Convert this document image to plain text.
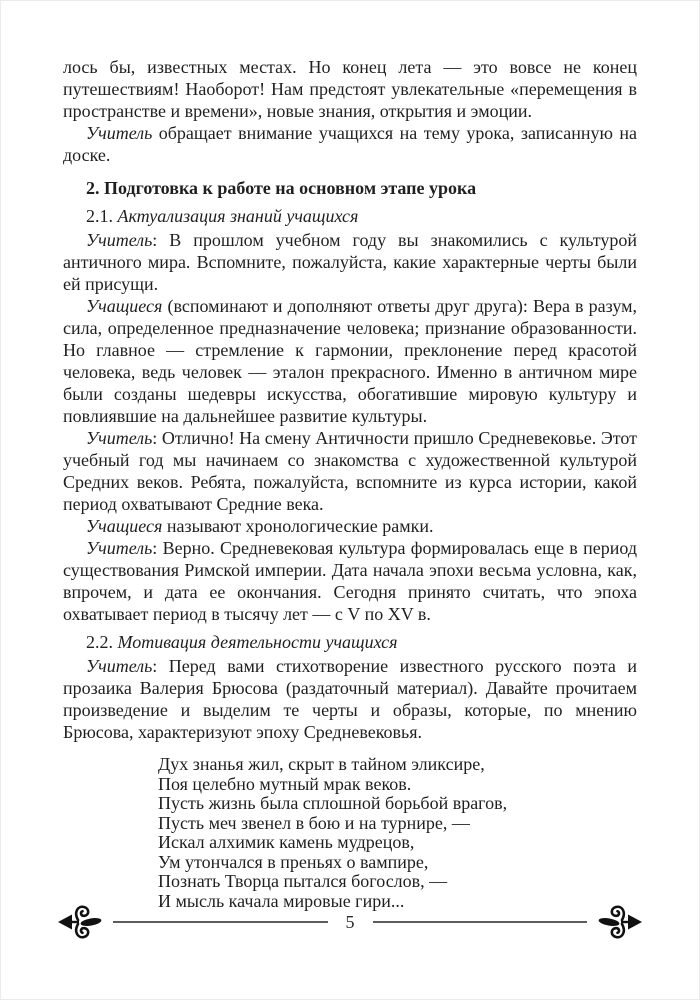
лось бы, известных местах. Но конец лета — это вовсе не конец путешествиям! Наоборот! Нам предстоят увлекательные «перемещения в пространстве и времени», новые знания, открытия и эмоции.

Учитель обращает внимание учащихся на тему урока, записанную на доске.

2. Подготовка к работе на основном этапе урока

2.1. Актуализация знаний учащихся

Учитель: В прошлом учебном году вы знакомились с культурой античного мира. Вспомните, пожалуйста, какие характерные черты были ей присущи.

Учащиеся (вспоминают и дополняют ответы друг друга): Вера в разум, сила, определенное предназначение человека; признание образованности. Но главное — стремление к гармонии, преклонение перед красотой человека, ведь человек — эталон прекрасного. Именно в античном мире были созданы шедевры искусства, обогатившие мировую культуру и повлиявшие на дальнейшее развитие культуры.

Учитель: Отлично! На смену Античности пришло Средневековье. Этот учебный год мы начинаем со знакомства с художественной культурой Средних веков. Ребята, пожалуйста, вспомните из курса истории, какой период охватывают Средние века.

Учащиеся называют хронологические рамки.

Учитель: Верно. Средневековая культура формировалась еще в период существования Римской империи. Дата начала эпохи весьма условна, как, впрочем, и дата ее окончания. Сегодня принято считать, что эпоха охватывает период в тысячу лет — с V по XV в.

2.2. Мотивация деятельности учащихся

Учитель: Перед вами стихотворение известного русского поэта и прозаика Валерия Брюсова (раздаточный материал). Давайте прочитаем произведение и выделим те черты и образы, которые, по мнению Брюсова, характеризуют эпоху Средневековья.

Дух знанья жил, скрыт в тайном эликсире,

Поя целебно мутный мрак веков.

Пусть жизнь была сплошной борьбой врагов,

Пусть меч звенел в бою и на турнире, —

Искал алхимик камень мудрецов,

Ум утончался в преньях о вампире,

Познать Творца пытался богослов, —

И мысль качала мировые гири...

5
